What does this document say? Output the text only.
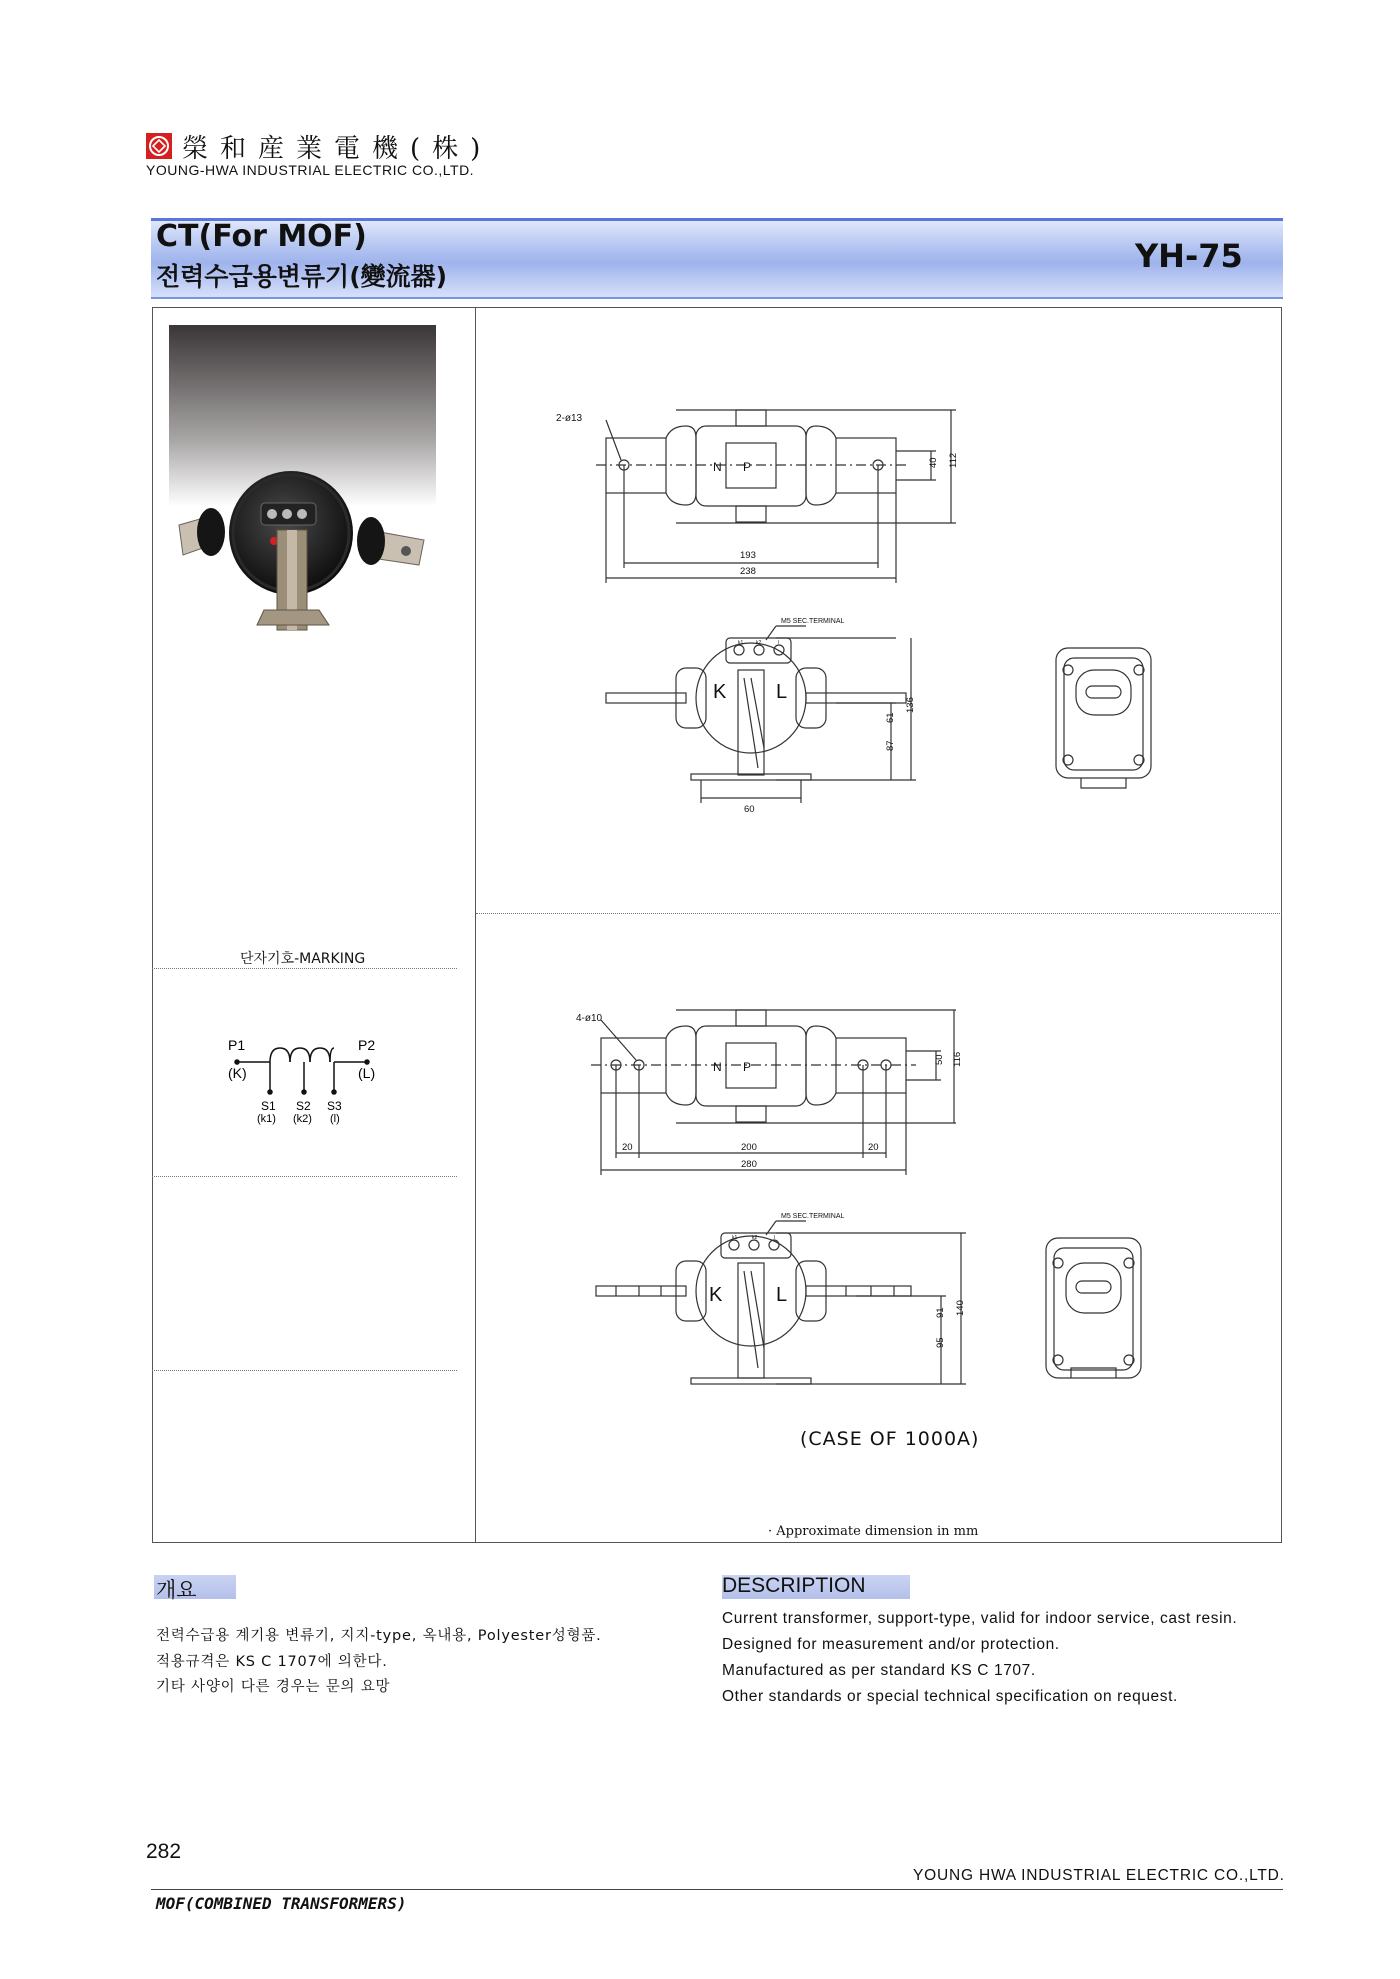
榮和産業電機(株)
YOUNG-HWA INDUSTRIAL ELECTRIC CO.,LTD.
CT(For MOF)
전력수급용변류기(變流器)
YH-75
단자기호-MARKING
P1	P2
(K)	(L)
S1 S2 S3
(k1) (k2) (l)
2-ø13
N P
193
238
40 112
M5 SEC.TERMINAL
k1	k2	l
K L
61
87
136
60
4-ø10
N P
20	200	20
280
50 116
M5 SEC.TERMINAL
k1	k2	l
K	L
91
95
140
(CASE OF 1000A)
· Approximate dimension in mm
개요
전력수급용 계기용 변류기, 지지-type, 옥내용, Polyester성형품.
적용규격은 KS C 1707에 의한다.
기타 사양이 다른 경우는 문의 요망
DESCRIPTION
Current transformer, support-type, valid for indoor service, cast resin.
Designed for measurement and/or protection.
Manufactured as per standard KS C 1707.
Other standards or special technical specification on request.
282
YOUNG HWA INDUSTRIAL ELECTRIC CO.,LTD.
MOF(COMBINED TRANSFORMERS)
